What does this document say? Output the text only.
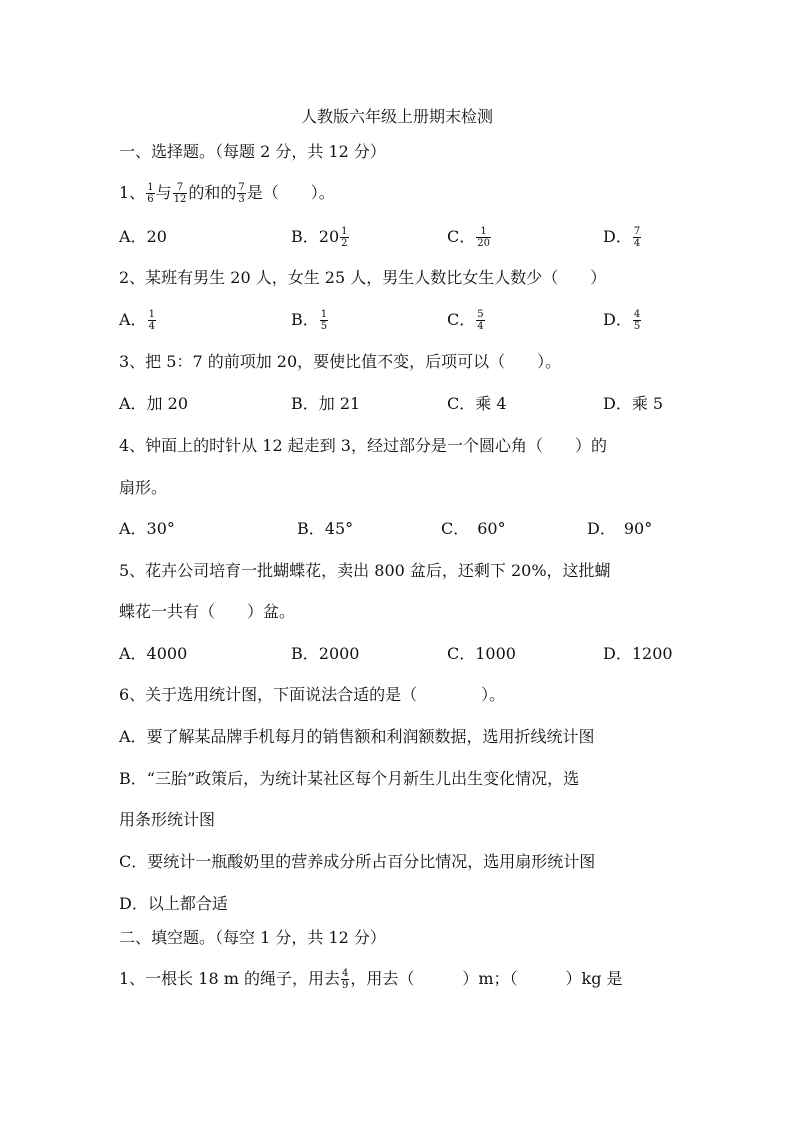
人教版六年级上册期末检测
一、选择题。（每题 2 分，共 12 分）
1、 $\frac{1}{6}$ 与 $\frac{7}{12}$ 的和的 $\frac{7}{3}$ 是（　　）。
A．20	B．$20 \frac{1}{2}$	C． $\frac{1}{20}$	D． $\frac{7}{4}$
2、某班有男生 20 人，女生 25 人，男生人数比女生人数少（　　）
A． $\frac{1}{4}$	B． $\frac{1}{5}$	C． $\frac{5}{4}$	D． $\frac{4}{5}$
3、把 5：7 的前项加 20，要使比值不变，后项可以（　　）。
A．加 20	B．加 21	C．乘 4	D．乘 5
4、钟面上的时针从 12 起走到 3，经过部分是一个圆心角（　　）的
扇形。
A．30°	B．45°	C．　60°	D．　90°
5、花卉公司培育一批蝴蝶花，卖出 800 盆后，还剩下 20%，这批蝴
蝶花一共有（　　）盆。
A．4000	B．2000	C．1000	D．1200
6、关于选用统计图，下面说法合适的是（　　　　）。
A．要了解某品牌手机每月的销售额和利润额数据，选用折线统计图
B．“三胎”政策后，为统计某社区每个月新生儿出生变化情况，选
用条形统计图
C．要统计一瓶酸奶里的营养成分所占百分比情况，选用扇形统计图
D．以上都合适
二、填空题。（每空 1 分，共 12 分）
1、一根长 18 m 的绳子，用去 $\frac{4}{9}$ ，用去（　　　）m；（　　　）kg 是
